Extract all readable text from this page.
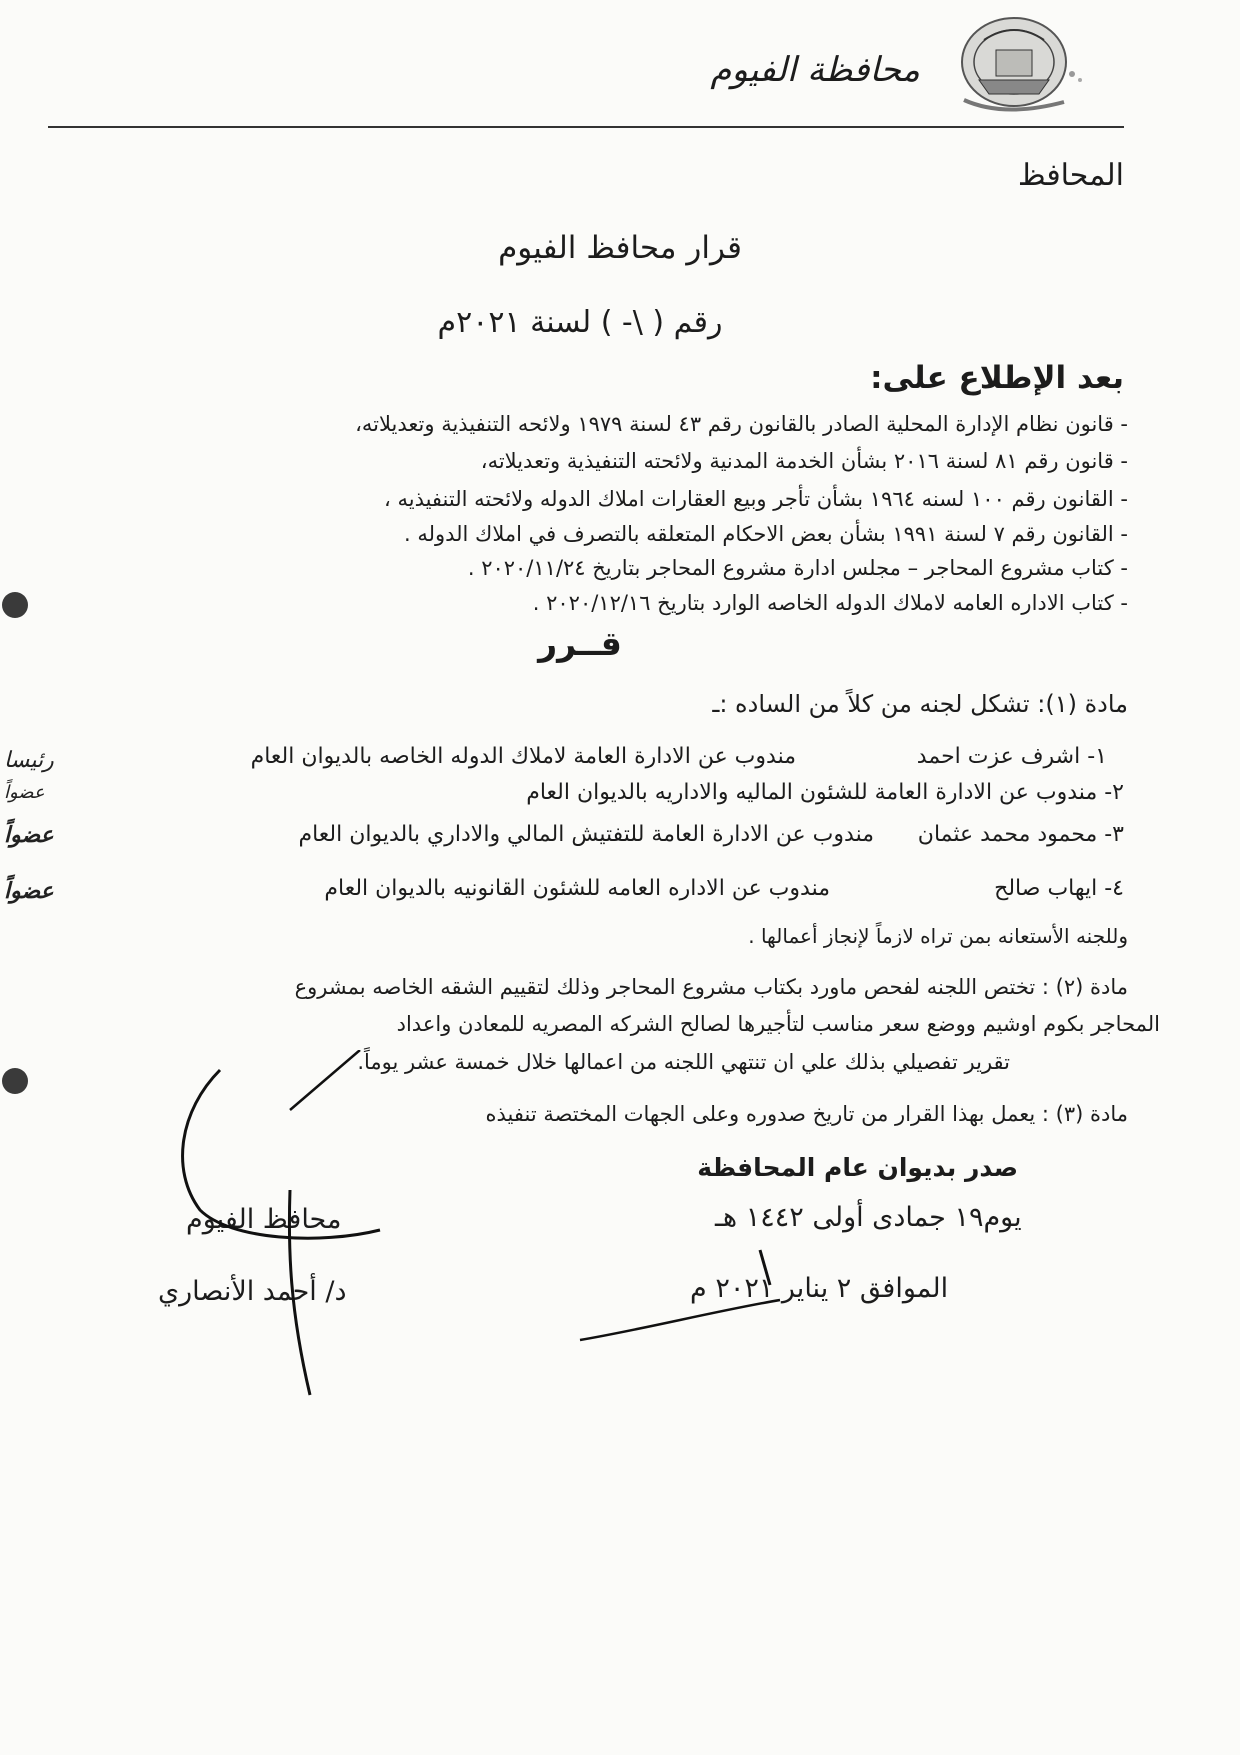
محافظة الفيوم
المحافظ
قرار محافظ الفيوم
رقم ( \- ) لسنة ٢٠٢١م
بعد الإطلاع على:
- قانون نظام الإدارة المحلية الصادر بالقانون رقم ٤٣ لسنة ١٩٧٩ ولائحه التنفيذية وتعديلاته،
- قانون رقم ٨١ لسنة ٢٠١٦ بشأن الخدمة المدنية ولائحته التنفيذية وتعديلاته،
- القانون رقم ١٠٠ لسنه ١٩٦٤ بشأن تأجر وبيع العقارات املاك الدوله ولائحته التنفيذيه ،
- القانون رقم ٧ لسنة ١٩٩١ بشأن بعض الاحكام المتعلقه بالتصرف في املاك الدوله .
- كتاب مشروع المحاجر – مجلس ادارة مشروع المحاجر بتاريخ ٢٠٢٠/١١/٢٤ .
- كتاب الاداره العامه لاملاك الدوله الخاصه الوارد بتاريخ ٢٠٢٠/١٢/١٦ .
قــرر
مادة (١): تشكل لجنه من كلاً من الساده :ـ
١- اشرف عزت احمد
مندوب عن الادارة العامة لاملاك الدوله الخاصه بالديوان العام
رئيسا
٢- مندوب عن الادارة العامة للشئون الماليه والاداريه بالديوان العام
عضواً
٣- محمود محمد عثمان
مندوب عن الادارة العامة للتفتيش المالي والاداري بالديوان العام
عضواً
٤- ايهاب صالح
مندوب عن الاداره العامه للشئون القانونيه بالديوان العام
عضواً
وللجنه الأستعانه بمن تراه لازماً لإنجاز أعمالها .
مادة (٢) : تختص اللجنه لفحص ماورد بكتاب مشروع المحاجر وذلك لتقييم الشقه الخاصه بمشروع
المحاجر بكوم اوشيم ووضع سعر مناسب لتأجيرها لصالح الشركه المصريه للمعادن واعداد
تقرير تفصيلي بذلك علي ان تنتهي اللجنه من اعمالها خلال خمسة عشر يوماً.
مادة (٣) : يعمل بهذا القرار من تاريخ صدوره وعلى الجهات المختصة تنفيذه
صدر بديوان عام المحافظة
يوم١٩ جمادى أولى ١٤٤٢ هـ
الموافق ٢ يناير ٢٠٢١ م
محافظ الفيوم
د/ أحمد الأنصاري
